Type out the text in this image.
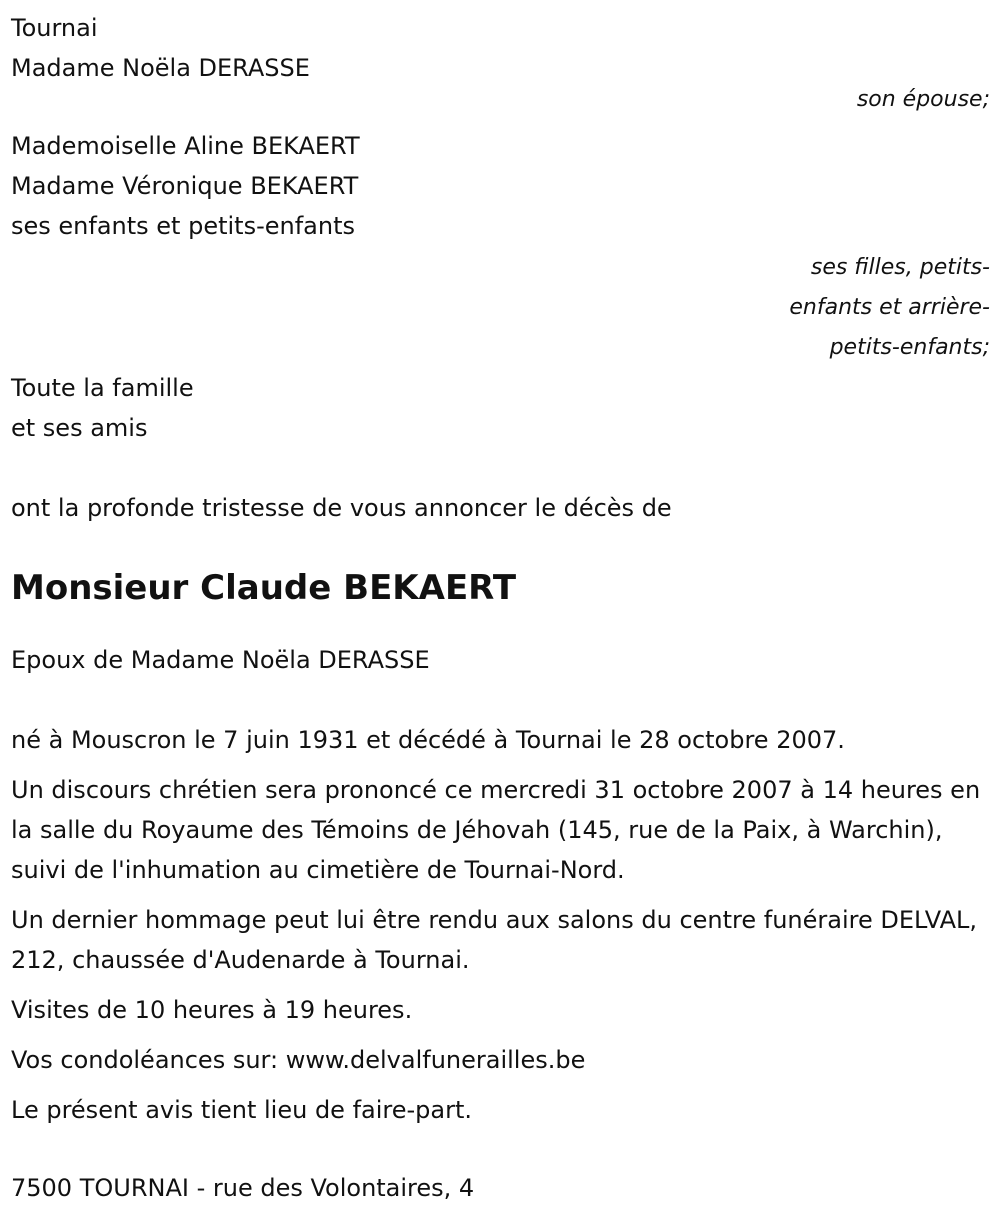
Tournai
Madame Noëla DERASSE
son épouse;
Mademoiselle Aline BEKAERT
Madame Véronique BEKAERT
ses enfants et petits-enfants
ses filles, petits-
enfants et arrière-
petits-enfants;
Toute la famille
et ses amis
ont la profonde tristesse de vous annoncer le décès de
Monsieur Claude BEKAERT
Epoux de Madame Noëla DERASSE

né à Mouscron le 7 juin 1931 et décédé à Tournai le 28 octobre 2007.

Un discours chrétien sera prononcé ce mercredi 31 octobre 2007 à 14 heures en la salle du Royaume des Témoins de Jéhovah (145, rue de la Paix, à Warchin), suivi de l'inhumation au cimetière de Tournai-Nord.

Un dernier hommage peut lui être rendu aux salons du centre funéraire DELVAL, 212, chaussée d'Audenarde à Tournai.

Visites de 10 heures à 19 heures.

Vos condoléances sur: www.delvalfunerailles.be

Le présent avis tient lieu de faire-part.

7500 TOURNAI - rue des Volontaires, 4
